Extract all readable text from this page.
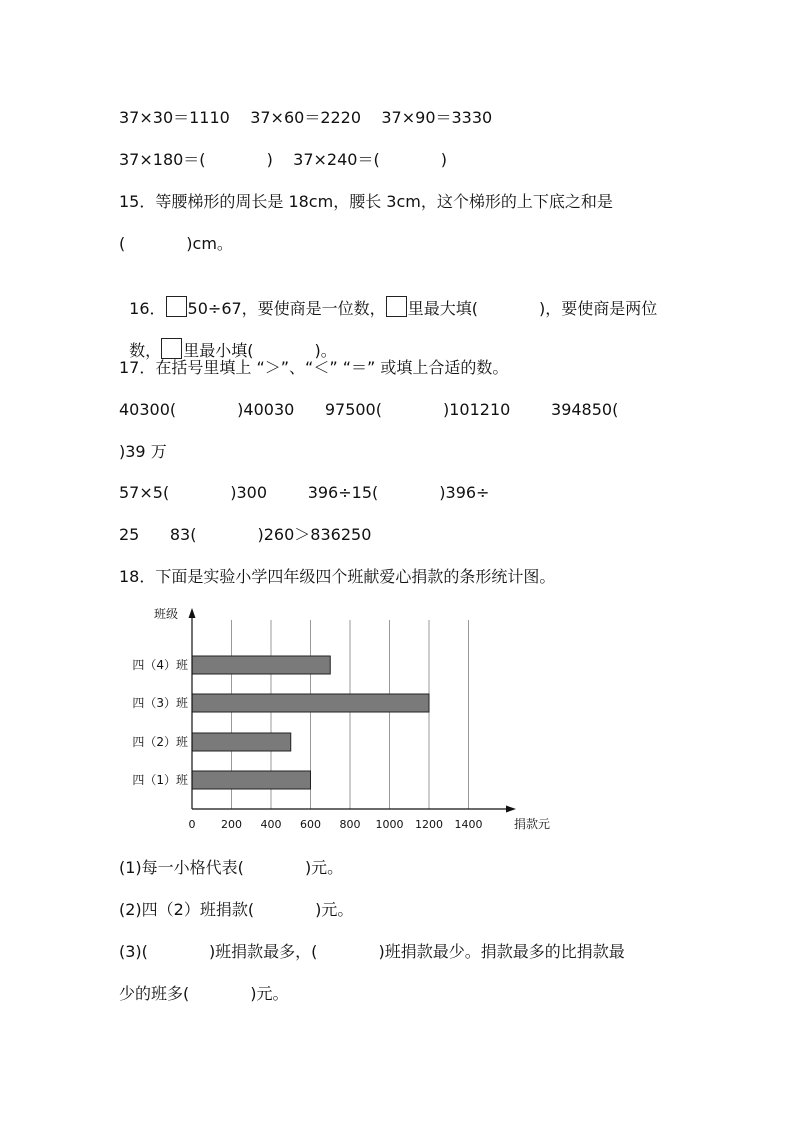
37×30＝1110    37×60＝2220    37×90＝3330
37×180＝(            )    37×240＝(            )
15．等腰梯形的周长是 18cm，腰长 3cm，这个梯形的上下底之和是
(            )cm。

16． 50÷67，要使商是一位数， 里最大填(            )，要使商是两位

数， 里最小填(            )。

17．在括号里填上 “＞”、“＜” “＝” 或填上合适的数。
40300(            )40030      97500(            )101210        394850(
)39 万
57×5(            )300        396÷15(            )396÷
25      83(            )260＞836250
18．下面是实验小学四年级四个班献爱心捐款的条形统计图。
0 200 400 600 800 1000 1200 1400
四（4）班
四（3）班
四（2）班
四（1）班
班级
捐款元
(1)每一小格代表(            )元。
(2)四（2）班捐款(            )元。
(3)(            )班捐款最多，(            )班捐款最少。捐款最多的比捐款最
少的班多(            )元。
